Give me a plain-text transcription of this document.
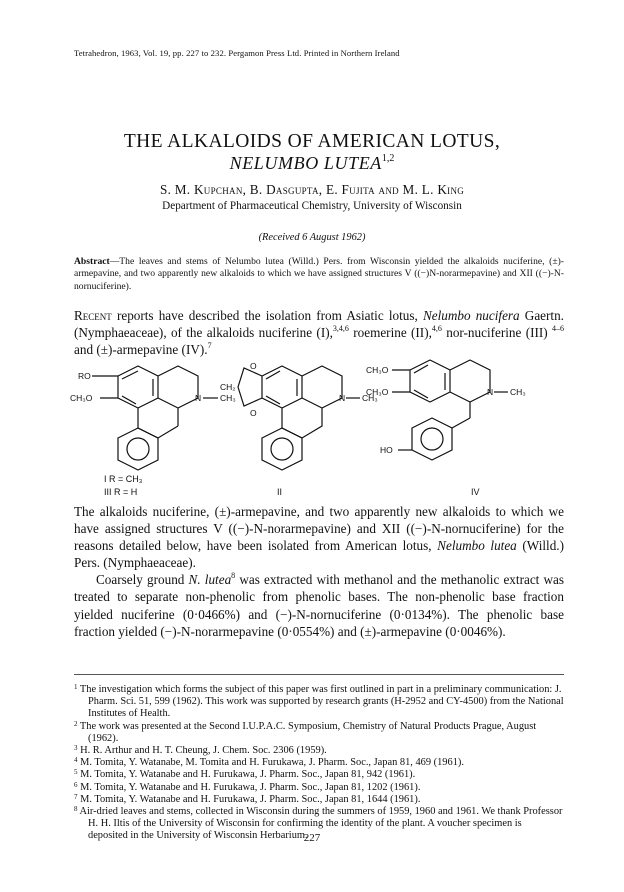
Tetrahedron, 1963, Vol. 19, pp. 227 to 232. Pergamon Press Ltd. Printed in Northern Ireland
THE ALKALOIDS OF AMERICAN LOTUS,
NELUMBO LUTEA$^{1,2}$
S. M. Kupchan, B. Dasgupta, E. Fujita and M. L. King
Department of Pharmaceutical Chemistry, University of Wisconsin
(Received 6 August 1962)
Abstract—The leaves and stems of Nelumbo lutea (Willd.) Pers. from Wisconsin yielded the alkaloids nuciferine, (±)-armepavine, and two apparently new alkaloids to which we have assigned structures V ((−)N-norarmepavine) and XII ((−)-N-nornuciferine).
Recent reports have described the isolation from Asiatic lotus, Nelumbo nucifera Gaertn. (Nymphaeaceae), of the alkaloids nuciferine (I),$^{3,4,6}$ roemerine (II),$^{4,6}$ nor-nuciferine (III) $^{4-6}$ and (±)-armepavine (IV).$^7$
RO
CH₃O	N CH₃
O
O
CH₂
N CH₃
CH₃O
CH₃O	N CH₃
HO
I R = CH₃
III R = H	II	IV

The alkaloids nuciferine, (±)-armepavine, and two apparently new alkaloids to which we have assigned structures V ((−)-N-norarmepavine) and XII ((−)-N-nornuciferine) for the reasons detailed below, have been isolated from American lotus, Nelumbo lutea (Willd.) Pers. (Nymphaeaceae).

Coarsely ground N. lutea$^8$ was extracted with methanol and the methanolic extract was treated to separate non-phenolic from phenolic bases. The non-phenolic base fraction yielded nuciferine (0·0466%) and (−)-N-nornuciferine (0·0134%). The phenolic base fraction yielded (−)-N-norarmepavine (0·0554%) and (±)-armepavine (0·0046%).

$^1$ The investigation which forms the subject of this paper was first outlined in part in a preliminary communication: J. Pharm. Sci. 51, 599 (1962). This work was supported by research grants (H-2952 and CY-4500) from the National Institutes of Health.

$^2$ The work was presented at the Second I.U.P.A.C. Symposium, Chemistry of Natural Products Prague, August (1962).

$^3$ H. R. Arthur and H. T. Cheung, J. Chem. Soc. 2306 (1959).

$^4$ M. Tomita, Y. Watanabe, M. Tomita and H. Furukawa, J. Pharm. Soc., Japan 81, 469 (1961).

$^5$ M. Tomita, Y. Watanabe and H. Furukawa, J. Pharm. Soc., Japan 81, 942 (1961).

$^6$ M. Tomita, Y. Watanabe and H. Furukawa, J. Pharm. Soc., Japan 81, 1202 (1961).

$^7$ M. Tomita, Y. Watanabe and H. Furukawa, J. Pharm. Soc., Japan 81, 1644 (1961).

$^8$ Air-dried leaves and stems, collected in Wisconsin during the summers of 1959, 1960 and 1961. We thank Professor H. H. Iltis of the University of Wisconsin for confirming the identity of the plant. A voucher specimen is deposited in the University of Wisconsin Herbarium.

227
